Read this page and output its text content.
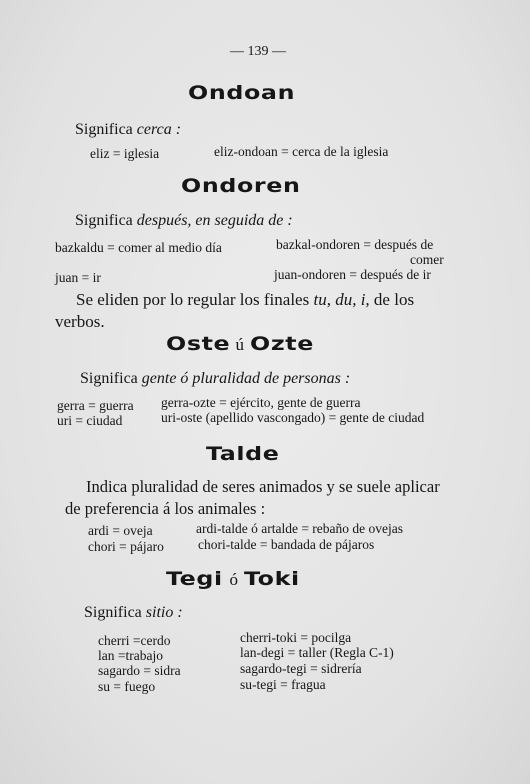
— 139 —
Ondoan
Significa cerca :
eliz = iglesia	eliz-ondoan = cerca de la iglesia
Ondoren
Significa después, en seguida de :
bazkaldu = comer al medio día	bazkal-ondoren = después de
comer
juan = ir	juan-ondoren = después de ir
Se eliden por lo regular los finales tu, du, i, de los verbos.
Oste ú Ozte
Significa gente ó pluralidad de personas :
gerra = guerra gerra-ozte = ejército, gente de guerra
uri = ciudad	uri-oste (apellido vascongado) = gente de ciudad
Talde
Indica pluralidad de seres animados y se suele aplicar de preferencia á los animales :
ardi = oveja	ardi-talde ó artalde = rebaño de ovejas
chori = pájaro	chori-talde = bandada de pájaros
Tegi ó Toki
Significa sitio :
cherri =cerdo	cherri-toki = pocilga
lan =trabajo	lan-degi = taller (Regla C-1)
sagardo = sidra	sagardo-tegi = sidrería
su = fuego	su-tegi = fragua
